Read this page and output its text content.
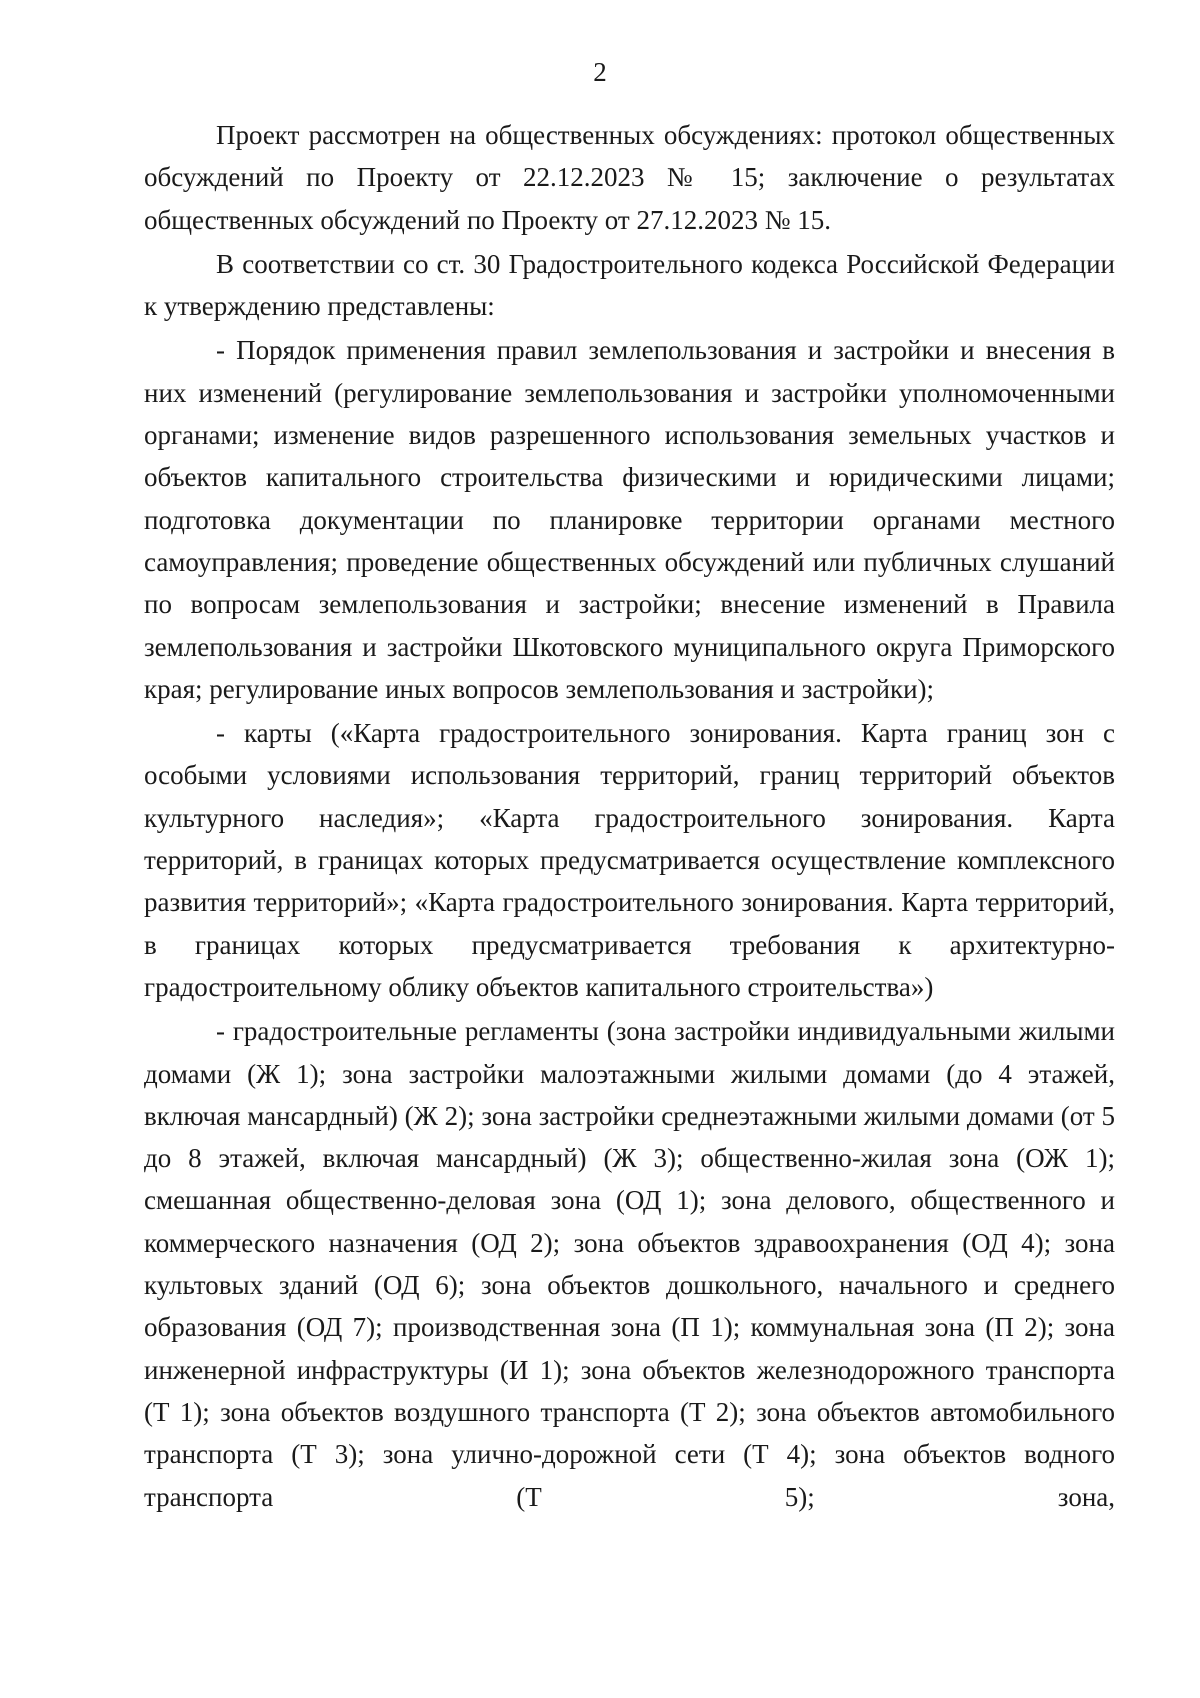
2

Проект рассмотрен на общественных обсуждениях: протокол общественных обсуждений по Проекту от 22.12.2023 № 15; заключение о результатах общественных обсуждений по Проекту от 27.12.2023 № 15.

В соответствии со ст. 30 Градостроительного кодекса Российской Федерации к утверждению представлены:

- Порядок применения правил землепользования и застройки и внесения в них изменений (регулирование землепользования и застройки уполномоченными органами; изменение видов разрешенного использования земельных участков и объектов капитального строительства физическими и юридическими лицами; подготовка документации по планировке территории органами местного самоуправления; проведение общественных обсуждений или публичных слушаний по вопросам землепользования и застройки; внесение изменений в Правила землепользования и застройки Шкотовского муниципального округа Приморского края; регулирование иных вопросов землепользования и застройки);

- карты («Карта градостроительного зонирования. Карта границ зон с особыми условиями использования территорий, границ территорий объектов культурного наследия»; «Карта градостроительного зонирования. Карта территорий, в границах которых предусматривается осуществление комплексного развития территорий»; «Карта градостроительного зонирования. Карта территорий, в границах которых предусматривается требования к архитектурно-градостроительному облику объектов капитального строительства»)

- градостроительные регламенты (зона застройки индивидуальными жилыми домами (Ж 1); зона застройки малоэтажными жилыми домами (до 4 этажей, включая мансардный) (Ж 2); зона застройки среднеэтажными жилыми домами (от 5 до 8 этажей, включая мансардный) (Ж 3); общественно-жилая зона (ОЖ 1); смешанная общественно-деловая зона (ОД 1); зона делового, общественного и коммерческого назначения (ОД 2); зона объектов здравоохранения (ОД 4); зона культовых зданий (ОД 6); зона объектов дошкольного, начального и среднего образования (ОД 7); производственная зона (П 1); коммунальная зона (П 2); зона инженерной инфраструктуры (И 1); зона объектов железнодорожного транспорта (Т 1); зона объектов воздушного транспорта (Т 2); зона объектов автомобильного транспорта (Т 3); зона улично-дорожной сети (Т 4); зона объектов водного транспорта (Т 5); зона,
